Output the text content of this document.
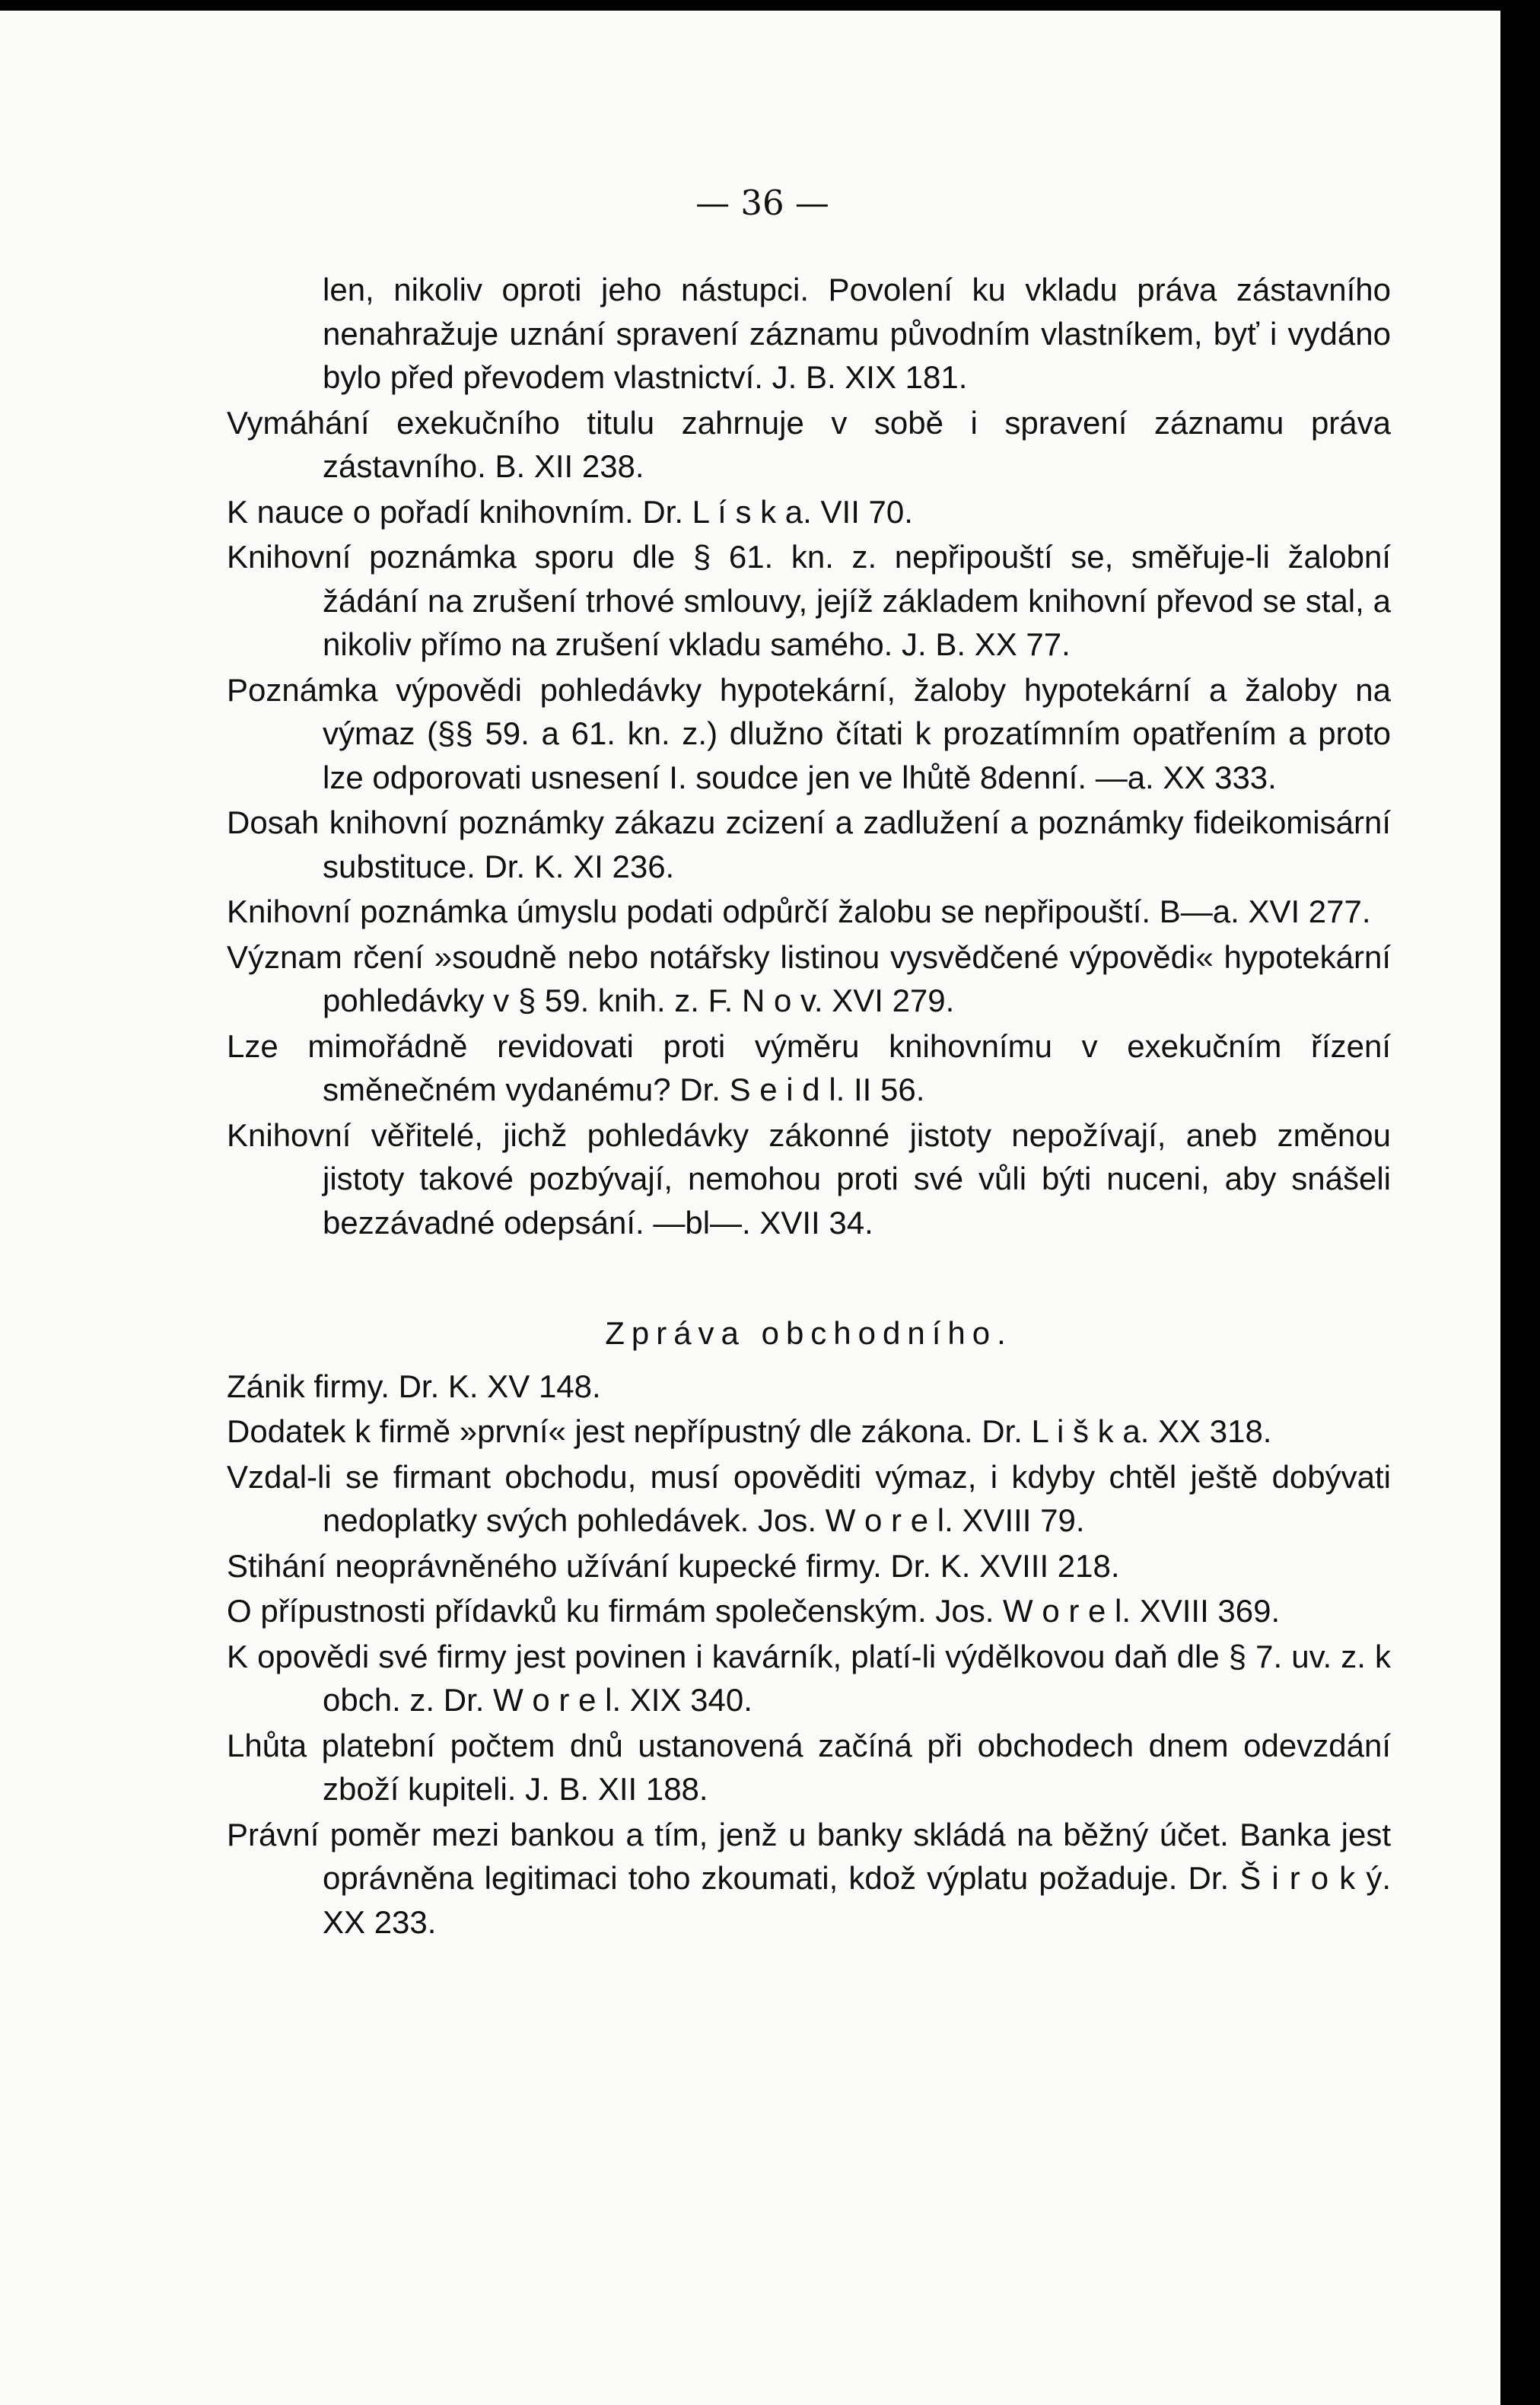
— 36 —

len, nikoliv oproti jeho nástupci. Povolení ku vkladu práva zástavního nenahražuje uznání spravení záznamu původním vlastníkem, byť i vydáno bylo před převodem vlastnictví. J. B. XIX 181.

Vymáhání exekučního titulu zahrnuje v sobě i spravení záznamu práva zástavního. B. XII 238.

K nauce o pořadí knihovním. Dr. L í s k a. VII 70.

Knihovní poznámka sporu dle § 61. kn. z. nepřipouští se, směřuje-li žalobní žádání na zrušení trhové smlouvy, jejíž základem knihovní převod se stal, a nikoliv přímo na zrušení vkladu samého. J. B. XX 77.

Poznámka výpovědi pohledávky hypotekární, žaloby hypotekární a žaloby na výmaz (§§ 59. a 61. kn. z.) dlužno čítati k prozatímním opatřením a proto lze odporovati usnesení I. soudce jen ve lhůtě 8denní. —a. XX 333.

Dosah knihovní poznámky zákazu zcizení a zadlužení a poznámky fideikomisární substituce. Dr. K. XI 236.

Knihovní poznámka úmyslu podati odpůrčí žalobu se nepřipouští. B—a. XVI 277.

Význam rčení »soudně nebo notářsky listinou vysvědčené výpovědi« hypotekární pohledávky v § 59. knih. z. F. N o v. XVI 279.

Lze mimořádně revidovati proti výměru knihovnímu v exekučním řízení směnečném vydanému? Dr. S e i d l. II 56.

Knihovní věřitelé, jichž pohledávky zákonné jistoty nepožívají, aneb změnou jistoty takové pozbývají, nemohou proti své vůli býti nuceni, aby snášeli bezzávadné odepsání. —bl—. XVII 34.

Zpráva obchodního.

Zánik firmy. Dr. K. XV 148.

Dodatek k firmě »první« jest nepřípustný dle zákona. Dr. L i š k a. XX 318.

Vzdal-li se firmant obchodu, musí opověditi výmaz, i kdyby chtěl ještě dobývati nedoplatky svých pohledávek. Jos. W o r e l. XVIII 79.

Stihání neoprávněného užívání kupecké firmy. Dr. K. XVIII 218.

O přípustnosti přídavků ku firmám společenským. Jos. W o r e l. XVIII 369.

K opovědi své firmy jest povinen i kavárník, platí-li výdělkovou daň dle § 7. uv. z. k obch. z. Dr. W o r e l. XIX 340.

Lhůta platební počtem dnů ustanovená začíná při obchodech dnem odevzdání zboží kupiteli. J. B. XII 188.

Právní poměr mezi bankou a tím, jenž u banky skládá na běžný účet. Banka jest oprávněna legitimaci toho zkoumati, kdož výplatu požaduje. Dr. Š i r o k ý. XX 233.
